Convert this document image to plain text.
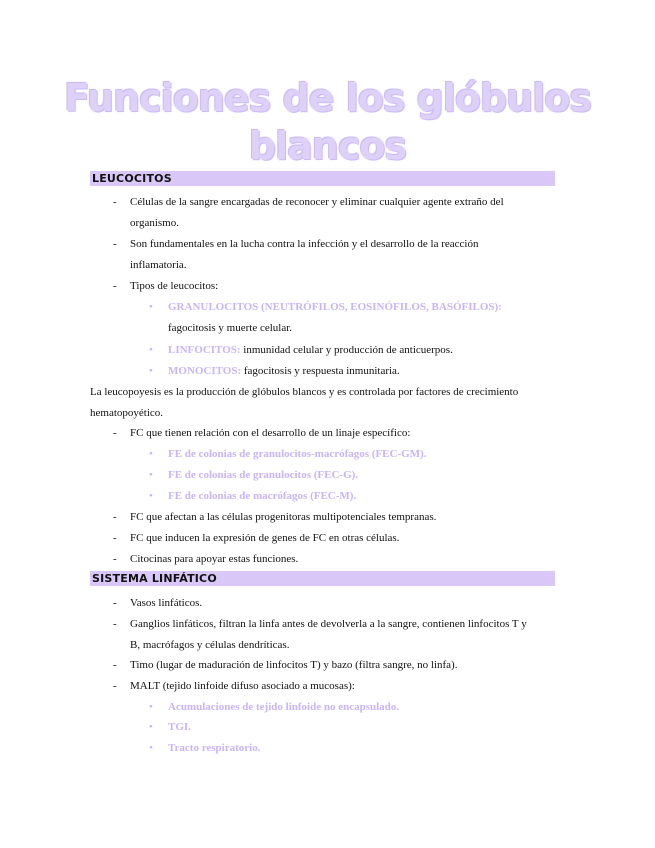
Funciones de los glóbulos
blancos
LEUCOCITOS
- Células de la sangre encargadas de reconocer y eliminar cualquier agente extraño del
organismo.
- Son fundamentales en la lucha contra la infección y el desarrollo de la reacción
inflamatoria.
- Tipos de leucocitos:
• GRANULOCITOS (NEUTRÓFILOS, EOSINÓFILOS, BASÓFILOS):
fagocitosis y muerte celular.
• LINFOCITOS: inmunidad celular y producción de anticuerpos.
• MONOCITOS: fagocitosis y respuesta inmunitaria.
La leucopoyesis es la producción de glóbulos blancos y es controlada por factores de crecimiento
hematopoyético.
- FC que tienen relación con el desarrollo de un linaje específico:
• FE de colonias de granulocitos-macrófagos (FEC-GM).
• FE de colonias de granulocitos (FEC-G).
• FE de colonias de macrófagos (FEC-M).
- FC que afectan a las células progenitoras multipotenciales tempranas.
- FC que inducen la expresión de genes de FC en otras células.
- Citocinas para apoyar estas funciones.
SISTEMA LINFÁTICO
- Vasos linfáticos.
- Ganglios linfáticos, filtran la linfa antes de devolverla a la sangre, contienen linfocitos T y
B, macrófagos y células dendríticas.
- Timo (lugar de maduración de linfocitos T) y bazo (filtra sangre, no linfa).
- MALT (tejido linfoide difuso asociado a mucosas):
• Acumulaciones de tejido linfoide no encapsulado.
• TGI.
• Tracto respiratorio.
